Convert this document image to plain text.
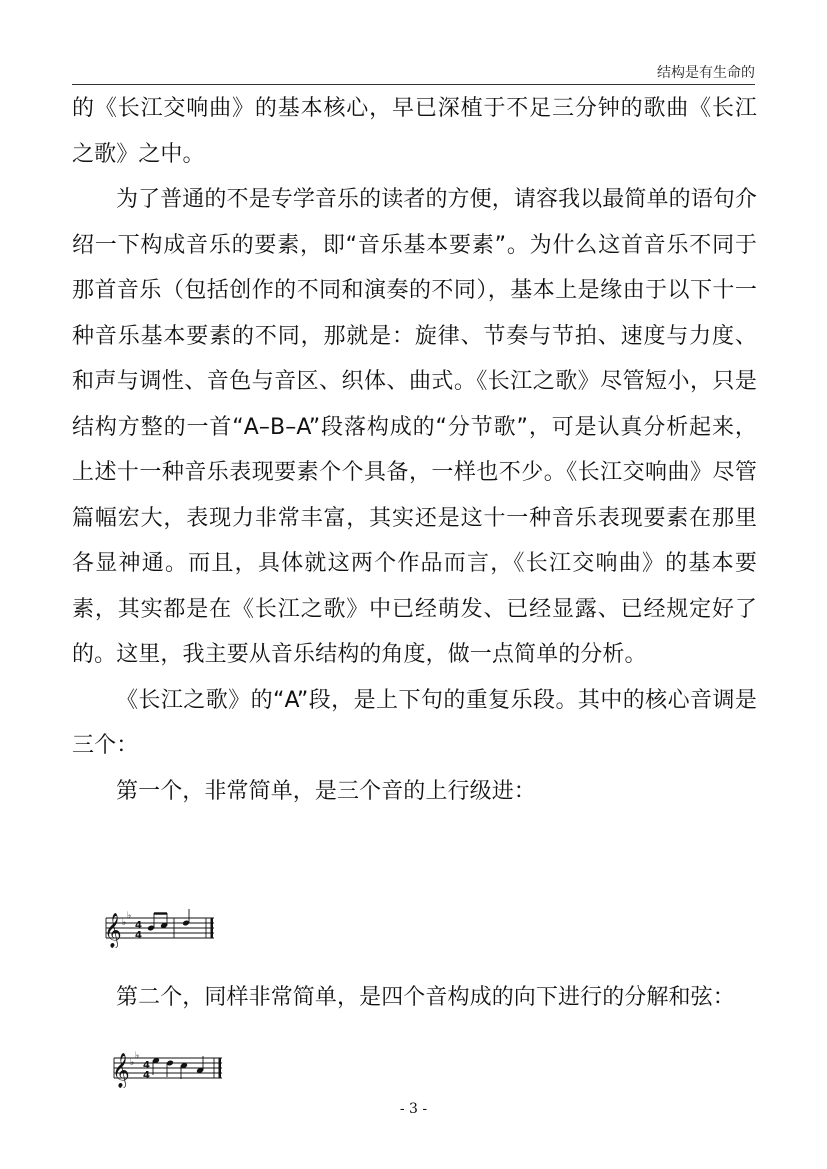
结构是有生命的

的《长江交响曲》的基本核心，早已深植于不足三分钟的歌曲《长江之歌》之中。

为了普通的不是专学音乐的读者的方便，请容我以最简单的语句介绍一下构成音乐的要素，即“音乐基本要素”。为什么这首音乐不同于那首音乐（包括创作的不同和演奏的不同），基本上是缘由于以下十一种音乐基本要素的不同，那就是：旋律、节奏与节拍、速度与力度、和声与调性、音色与音区、织体、曲式。《长江之歌》尽管短小，只是结构方整的一首“A–B–A”段落构成的“分节歌”，可是认真分析起来，上述十一种音乐表现要素个个具备，一样也不少。《长江交响曲》尽管篇幅宏大，表现力非常丰富，其实还是这十一种音乐表现要素在那里各显神通。而且，具体就这两个作品而言，《长江交响曲》的基本要素，其实都是在《长江之歌》中已经萌发、已经显露、已经规定好了的。这里，我主要从音乐结构的角度，做一点简单的分析。

《长江之歌》的“A”段，是上下句的重复乐段。其中的核心音调是三个：

第一个，非常简单，是三个音的上行级进：

𝄞 ♭
♭
4
4

第二个，同样非常简单，是四个音构成的向下进行的分解和弦：

𝄞 ♭
♭
4
4
- 3 -
